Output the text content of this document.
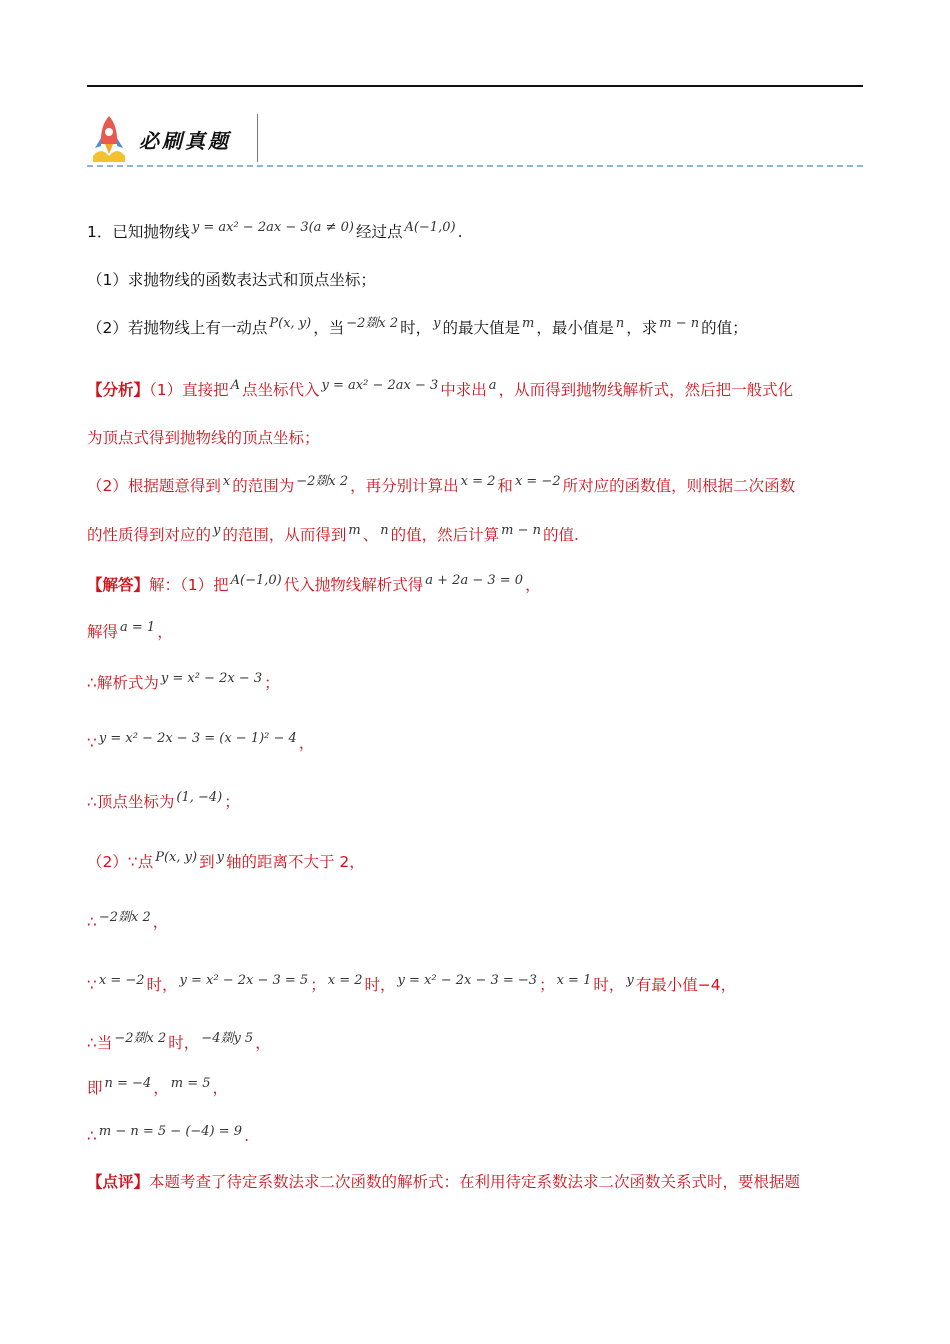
必刷真题
1．已知抛物线 $^{y = ax^2 - 2ax - 3(a \ne 0)}$ 经过点 $^{A(-1,0)}$ .
（1）求抛物线的函数表达式和顶点坐标；
（2）若抛物线上有一动点 $^{P(x, y)}$ ，当 $^{-2剟x 2}$ 时， $^y$ 的最大值是 $^m$ ，最小值是 $^n$ ，求 $^{m - n}$ 的值；
【分析】（1）直接把 $^A$ 点坐标代入 $^{y = ax^2 - 2ax - 3}$ 中求出 $^a$ ，从而得到抛物线解析式，然后把一般式化
为顶点式得到抛物线的顶点坐标；
（2）根据题意得到 $^x$ 的范围为 $^{-2剟x 2}$ ，再分别计算出 $^{x = 2}$ 和 $^{x = -2}$ 所对应的函数值，则根据二次函数
的性质得到对应的 $^y$ 的范围，从而得到 $^m$ 、 $^n$ 的值，然后计算 $^{m - n}$ 的值.
【解答】解：（1）把 $^{A(-1,0)}$ 代入抛物线解析式得 $^{a + 2a - 3 = 0}$ ，
解得 $^{a = 1}$ ，
∴解析式为 $^{y = x^2 - 2x - 3}$ ；
∵ $^{y = x^2 - 2x - 3 = (x - 1)^2 - 4}$ ，
∴顶点坐标为 $^{(1, -4)}$ ；
（2）∵点 $^{P(x, y)}$ 到 $^y$ 轴的距离不大于 2，
∴ $^{-2剟x 2}$ ，
∵ $^{x = -2}$ 时， $^{y = x^2 - 2x - 3 = 5}$ ； $^{x = 2}$ 时， $^{y = x^2 - 2x - 3 = -3}$ ； $^{x = 1}$ 时， $^y$ 有最小值−4，
∴当 $^{-2剟x 2}$ 时， $^{-4剟y 5}$ ，
即 $^{n = -4}$ ， $^{m = 5}$ ，
∴ $^{m - n = 5 - (-4) = 9}$ .
【点评】本题考查了待定系数法求二次函数的解析式：在利用待定系数法求二次函数关系式时，要根据题
